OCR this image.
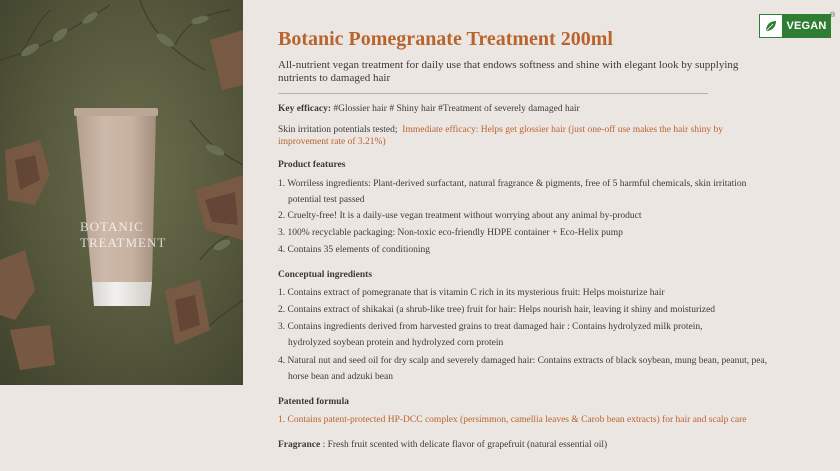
BOTANIC
TREATMENT
VEGAN
®
Botanic Pomegranate Treatment 200ml
All-nutrient vegan treatment for daily use that endows softness and shine with elegant look by supplying nutrients to damaged hair
Key efficacy: #Glossier hair # Shiny hair #Treatment of severely damaged hair
Skin irritation potentials tested; Immediate efficacy: Helps get glossier hair (just one-off use makes the hair shiny by
improvement rate of 3.21%)
Product features
1. Worriless ingredients: Plant-derived surfactant, natural fragrance & pigments, free of 5 harmful chemicals, skin irritation
potential test passed
2. Cruelty-free! It is a daily-use vegan treatment without worrying about any animal by-product
3. 100% recyclable packaging: Non-toxic eco-friendly HDPE container + Eco-Helix pump
4. Contains 35 elements of conditioning
Conceptual ingredients
1. Contains extract of pomegranate that is vitamin C rich in its mysterious fruit: Helps moisturize hair
2. Contains extract of shikakai (a shrub-like tree) fruit for hair: Helps nourish hair, leaving it shiny and moisturized
3. Contains ingredients derived from harvested grains to treat damaged hair : Contains hydrolyzed milk protein,
hydrolyzed soybean protein and hydrolyzed corn protein
4. Natural nut and seed oil for dry scalp and severely damaged hair: Contains extracts of black soybean, mung bean, peanut, pea,
horse bean and adzuki bean
Patented formula
1. Contains patent-protected HP-DCC complex (persimmon, camellia leaves & Carob bean extracts) for hair and scalp care
Fragrance : Fresh fruit scented with delicate flavor of grapefruit (natural essential oil)
